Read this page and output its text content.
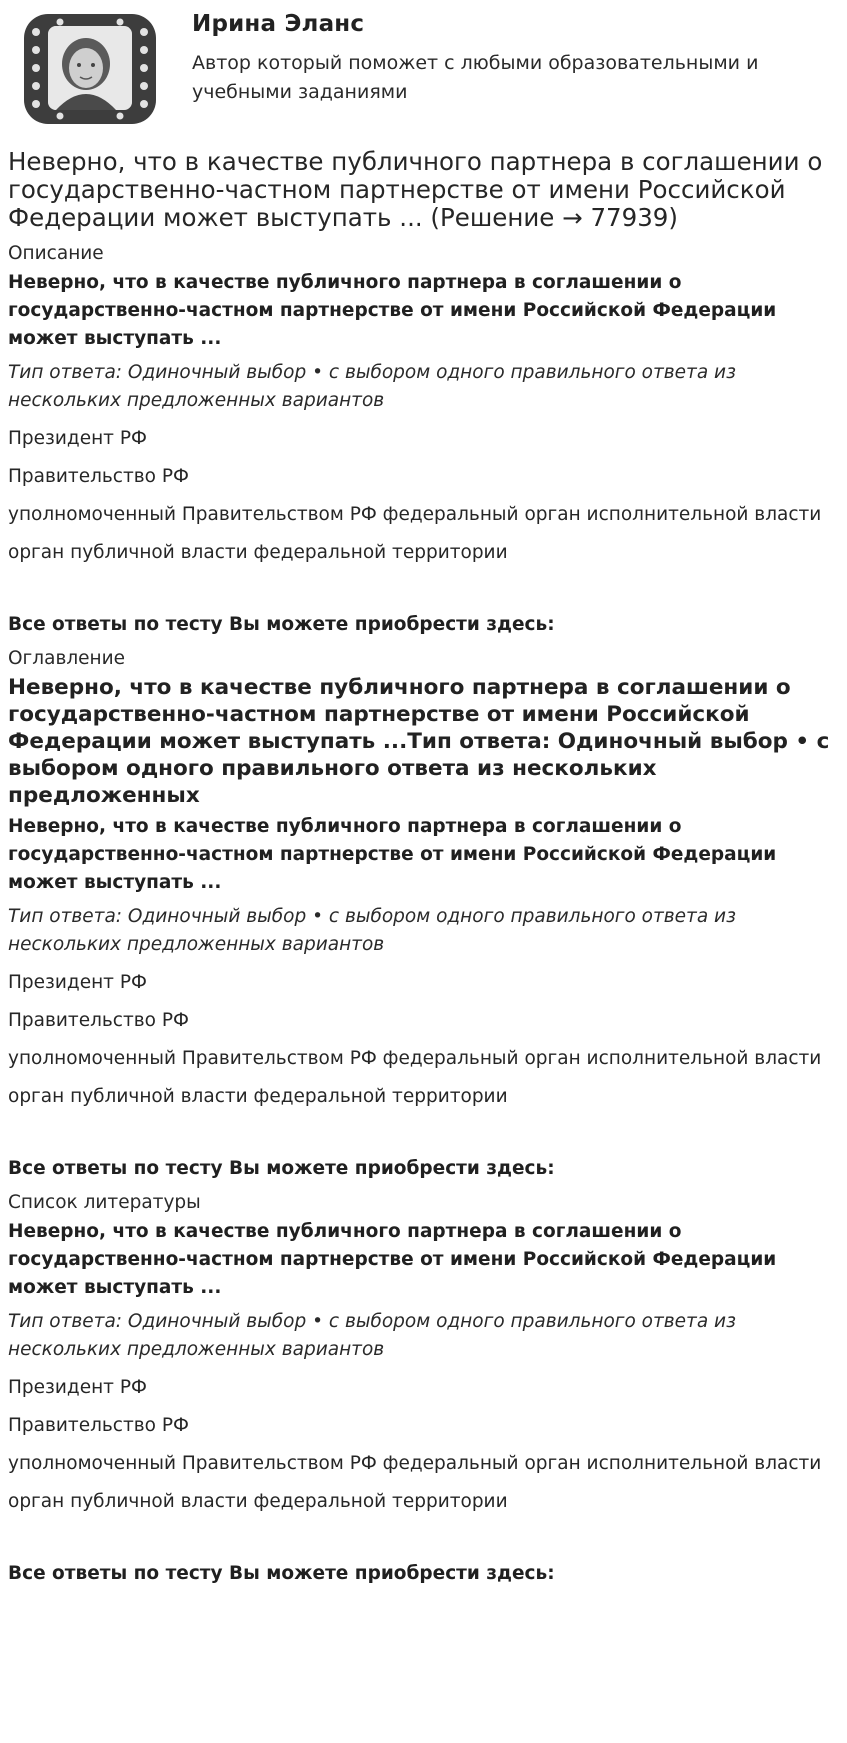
Ирина Эланс
Автор который поможет с любыми образовательными и учебными заданиями
Неверно, что в качестве публичного партнера в соглашении о государственно-частном партнерстве от имени Российской Федерации может выступать ... (Решение → 77939)
Описание
Неверно, что в качестве публичного партнера в соглашении о государственно-частном партнерстве от имени Российской Федерации может выступать ...
Тип ответа: Одиночный выбор • с выбором одного правильного ответа из нескольких предложенных вариантов
Президент РФ
Правительство РФ
уполномоченный Правительством РФ федеральный орган исполнительной власти
орган публичной власти федеральной территории
Все ответы по тесту Вы можете приобрести здесь:
Оглавление
Неверно, что в качестве публичного партнера в соглашении о государственно-частном партнерстве от имени Российской Федерации может выступать ...Тип ответа: Одиночный выбор • с выбором одного правильного ответа из нескольких предложенных
Неверно, что в качестве публичного партнера в соглашении о государственно-частном партнерстве от имени Российской Федерации может выступать ...
Тип ответа: Одиночный выбор • с выбором одного правильного ответа из нескольких предложенных вариантов
Президент РФ
Правительство РФ
уполномоченный Правительством РФ федеральный орган исполнительной власти
орган публичной власти федеральной территории
Все ответы по тесту Вы можете приобрести здесь:
Список литературы
Неверно, что в качестве публичного партнера в соглашении о государственно-частном партнерстве от имени Российской Федерации может выступать ...
Тип ответа: Одиночный выбор • с выбором одного правильного ответа из нескольких предложенных вариантов
Президент РФ
Правительство РФ
уполномоченный Правительством РФ федеральный орган исполнительной власти
орган публичной власти федеральной территории
Все ответы по тесту Вы можете приобрести здесь:
